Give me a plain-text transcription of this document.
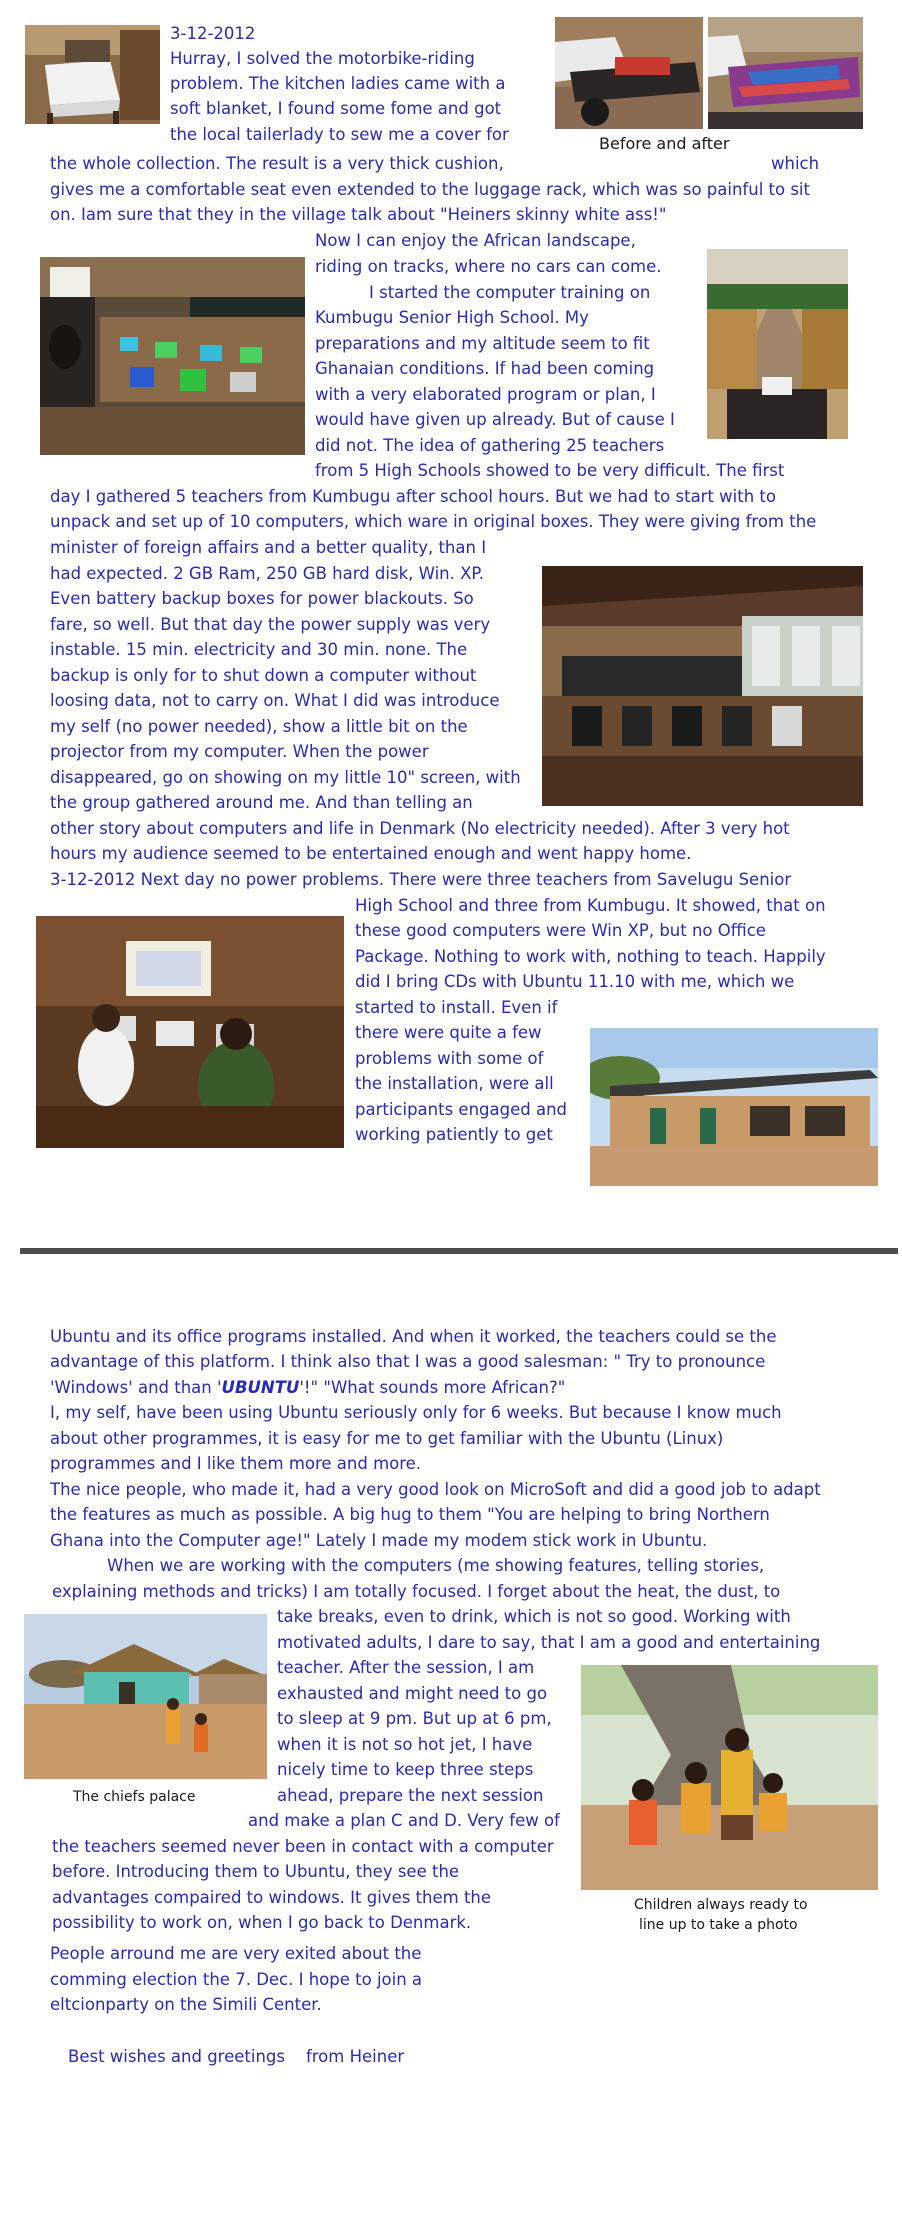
3-12-2012
Hurray, I solved the motorbike-riding
problem. The kitchen ladies came with a
soft blanket, I found some fome and got
the local tailerlady to sew me a cover for	Before and after
the whole collection. The result is a very thick cushion,	which
gives me a comfortable seat even extended to the luggage rack, which was so painful to sit
on. Iam sure that they in the village talk about "Heiners skinny white ass!"
Now I can enjoy the African landscape,
riding on tracks, where no cars can come.
I started the computer training on
Kumbugu Senior High School. My
preparations and my altitude seem to fit
Ghanaian conditions. If had been coming
with a very elaborated program or plan, I
would have given up already. But of cause I
did not. The idea of gathering 25 teachers
from 5 High Schools showed to be very difficult. The first
day I gathered 5 teachers from Kumbugu after school hours. But we had to start with to
unpack and set up of 10 computers, which ware in original boxes. They were giving from the
minister of foreign affairs and a better quality, than I
had expected. 2 GB Ram, 250 GB hard disk, Win. XP.
Even battery backup boxes for power blackouts. So
fare, so well. But that day the power supply was very
instable. 15 min. electricity and 30 min. none. The
backup is only for to shut down a computer without
loosing data, not to carry on. What I did was introduce
my self (no power needed), show a little bit on the
projector from my computer. When the power
disappeared, go on showing on my little 10" screen, with
the group gathered around me. And than telling an
other story about computers and life in Denmark (No electricity needed). After 3 very hot
hours my audience seemed to be entertained enough and went happy home.
3-12-2012 Next day no power problems. There were three teachers from Savelugu Senior
High School and three from Kumbugu. It showed, that on
these good computers were Win XP, but no Office
Package. Nothing to work with, nothing to teach. Happily
did I bring CDs with Ubuntu 11.10 with me, which we
started to install. Even if
there were quite a few
problems with some of
the installation, were all
participants engaged and
working patiently to get
Ubuntu and its office programs installed. And when it worked, the teachers could se the
advantage of this platform. I think also that I was a good salesman: " Try to pronounce
'Windows' and than 'UBUNTU'!" "What sounds more African?"
I, my self, have been using Ubuntu seriously only for 6 weeks. But because I know much
about other programmes, it is easy for me to get familiar with the Ubuntu (Linux)
programmes and I like them more and more.
The nice people, who made it, had a very good look on MicroSoft and did a good job to adapt
the features as much as possible. A big hug to them "You are helping to bring Northern
Ghana into the Computer age!" Lately I made my modem stick work in Ubuntu.
When we are working with the computers (me showing features, telling stories,
explaining methods and tricks) I am totally focused. I forget about the heat, the dust, to
The chiefs palace
take breaks, even to drink, which is not so good. Working with
motivated adults, I dare to say, that I am a good and entertaining
teacher. After the session, I am
exhausted and might need to go
to sleep at 9 pm. But up at 6 pm,
when it is not so hot jet, I have
nicely time to keep three steps
ahead, prepare the next session
and make a plan C and D. Very few of
Children always ready to
line up to take a photo
the teachers seemed never been in contact with a computer
before. Introducing them to Ubuntu, they see the
advantages compaired to windows. It gives them the
possibility to work on, when I go back to Denmark.
People arround me are very exited about the
comming election the 7. Dec. I hope to join a
eltcionparty on the Simili Center.
Best wishes and greetings    from Heiner
